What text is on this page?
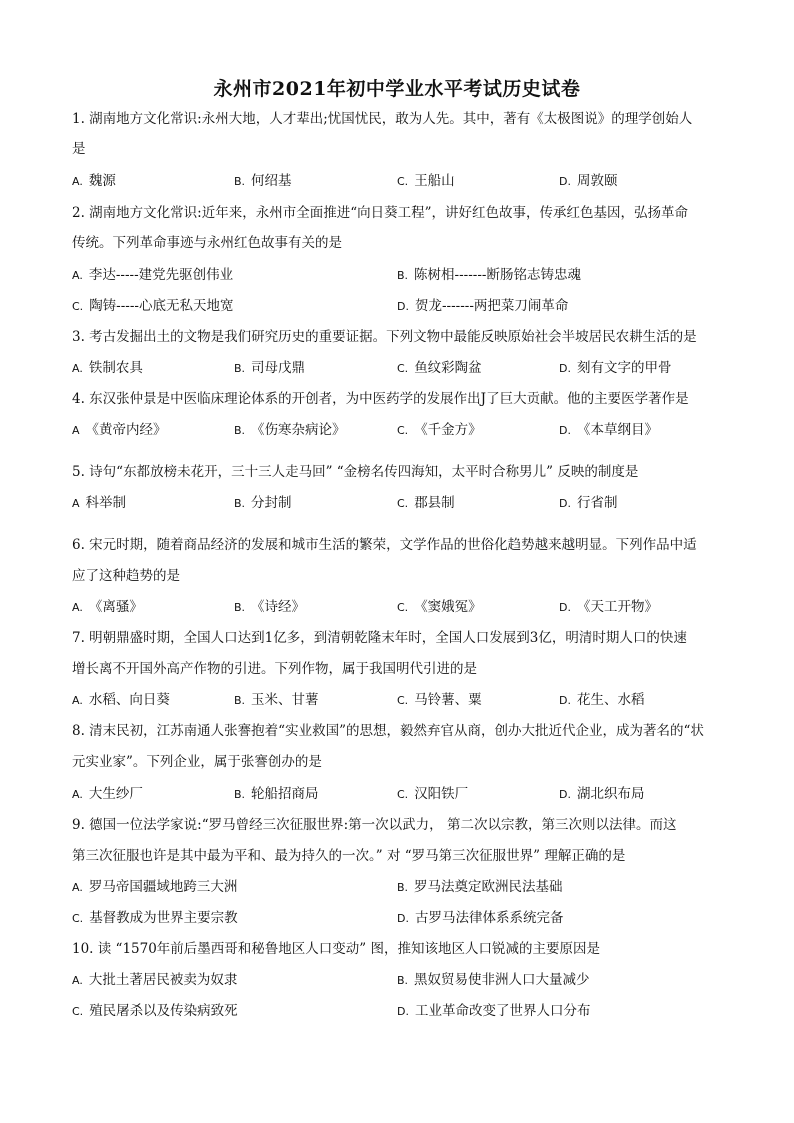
永州市2021年初中学业水平考试历史试卷
1. 湖南地方文化常识:永州大地，人才辈出;忧国忧民，敢为人先。其中，著有《太极图说》的理学创始人
是
A. 魏源	B. 何绍基	C. 王船山	D. 周敦颐
2. 湖南地方文化常识:近年来，永州市全面推进“向日葵工程”，讲好红色故事，传承红色基因，弘扬革命
传统。下列革命事迹与永州红色故事有关的是
A. 李达-----建党先驱创伟业	B. 陈树相-------断肠铭志铸忠魂
C. 陶铸-----心底无私天地宽	D. 贺龙-------两把菜刀闹革命
3. 考古发掘出土的文物是我们研究历史的重要证据。下列文物中最能反映原始社会半坡居民农耕生活的是
A. 铁制农具	B. 司母戊鼎	C. 鱼纹彩陶盆	D. 刻有文字的甲骨
4. 东汉张仲景是中医临床理论体系的开创者，为中医药学的发展作出J了巨大贡献。他的主要医学著作是
A 《黄帝内经》	B. 《伤寒杂病论》	C. 《千金方》	D. 《本草纲目》
5. 诗句“东都放榜未花开，三十三人走马回” “金榜名传四海知，太平时合称男儿” 反映的制度是
A 科举制	B. 分封制	C. 郡县制	D. 行省制
6. 宋元时期，随着商品经济的发展和城市生活的繁荣，文学作品的世俗化趋势越来越明显。下列作品中适
应了这种趋势的是
A. 《离骚》	B. 《诗经》	C. 《窦娥冤》	D. 《天工开物》
7. 明朝鼎盛时期，全国人口达到1亿多，到清朝乾隆末年时，全国人口发展到3亿，明清时期人口的快速
增长离不开国外高产作物的引进。下列作物，属于我国明代引进的是
A. 水稻、向日葵	B. 玉米、甘薯	C. 马铃薯、粟	D. 花生、水稻
8. 清末民初，江苏南通人张謇抱着“实业救国”的思想，毅然弃官从商，创办大批近代企业，成为著名的“状
元实业家”。下列企业，属于张謇创办的是
A. 大生纱厂	B. 轮船招商局	C. 汉阳铁厂	D. 湖北织布局
9. 德国一位法学家说:“罗马曾经三次征服世界:第一次以武力， 第二次以宗教，第三次则以法律。而这
第三次征服也许是其中最为平和、最为持久的一次。” 对 “罗马第三次征服世界” 理解正确的是
A. 罗马帝国疆域地跨三大洲	B. 罗马法奠定欧洲民法基础
C. 基督教成为世界主要宗教	D. 古罗马法律体系系统完备
10. 读 “1570年前后墨西哥和秘鲁地区人口变动” 图，推知该地区人口锐减的主要原因是
A. 大批土著居民被卖为奴隶	B. 黑奴贸易使非洲人口大量减少
C. 殖民屠杀以及传染病致死	D. 工业革命改变了世界人口分布
